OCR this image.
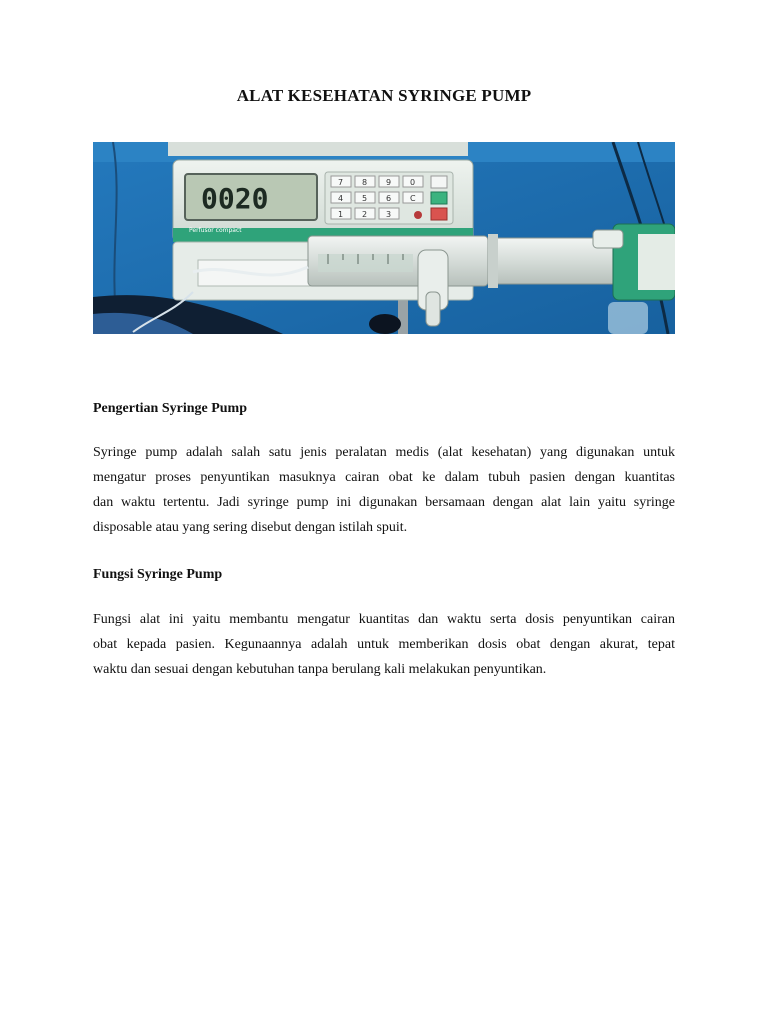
ALAT KESEHATAN SYRINGE PUMP
0020
Perfusor compact
7 8 9 0
4 5 6 C
1 2 3
Pengertian Syringe Pump
Syringe pump adalah salah satu jenis peralatan medis (alat kesehatan) yang digunakan untuk
mengatur proses penyuntikan masuknya cairan obat ke dalam tubuh pasien dengan kuantitas
dan waktu tertentu. Jadi syringe pump ini digunakan bersamaan dengan alat lain yaitu syringe
disposable atau yang sering disebut dengan istilah spuit.
Fungsi Syringe Pump
Fungsi alat ini yaitu membantu mengatur kuantitas dan waktu serta dosis penyuntikan cairan
obat kepada pasien. Kegunaannya adalah untuk memberikan dosis obat dengan akurat, tepat
waktu dan sesuai dengan kebutuhan tanpa berulang kali melakukan penyuntikan.
